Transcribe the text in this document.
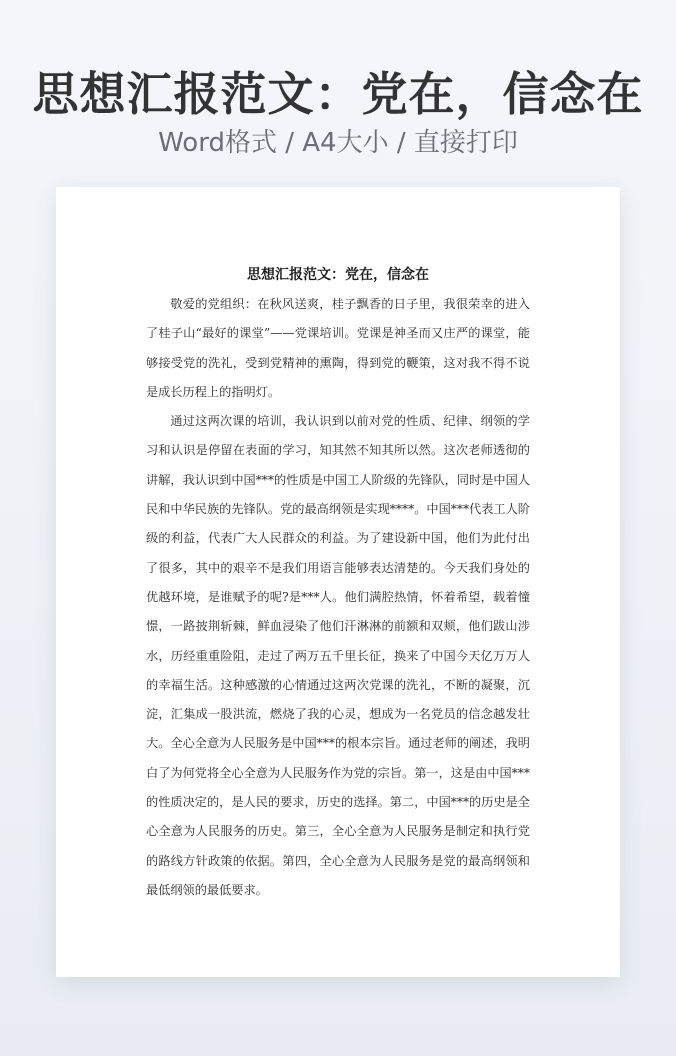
思想汇报范文：党在，信念在
Word格式 / A4大小 / 直接打印
思想汇报范文：党在，信念在

敬爱的党组织：在秋风送爽，桂子飘香的日子里，我很荣幸的进入了桂子山“最好的课堂”——党课培训。党课是神圣而又庄严的课堂，能够接受党的洗礼，受到党精神的熏陶，得到党的鞭策，这对我不得不说是成长历程上的指明灯。

通过这两次课的培训，我认识到以前对党的性质、纪律、纲领的学习和认识是停留在表面的学习，知其然不知其所以然。这次老师透彻的讲解，我认识到中国***的性质是中国工人阶级的先锋队，同时是中国人民和中华民族的先锋队。党的最高纲领是实现****。中国***代表工人阶级的利益，代表广大人民群众的利益。为了建设新中国，他们为此付出了很多，其中的艰辛不是我们用语言能够表达清楚的。今天我们身处的优越环境，是谁赋予的呢?是***人。他们满腔热情，怀着希望，载着憧憬，一路披荆斩棘，鲜血浸染了他们汗淋淋的前额和双颊，他们跋山涉水，历经重重险阻，走过了两万五千里长征，换来了中国今天亿万万人的幸福生活。这种感激的心情通过这两次党课的洗礼，不断的凝聚，沉淀，汇集成一股洪流，燃烧了我的心灵，想成为一名党员的信念越发壮大。全心全意为人民服务是中国***的根本宗旨。通过老师的阐述，我明白了为何党将全心全意为人民服务作为党的宗旨。第一，这是由中国***的性质决定的，是人民的要求，历史的选择。第二，中国***的历史是全心全意为人民服务的历史。第三，全心全意为人民服务是制定和执行党的路线方针政策的依据。第四，全心全意为人民服务是党的最高纲领和最低纲领的最低要求。
